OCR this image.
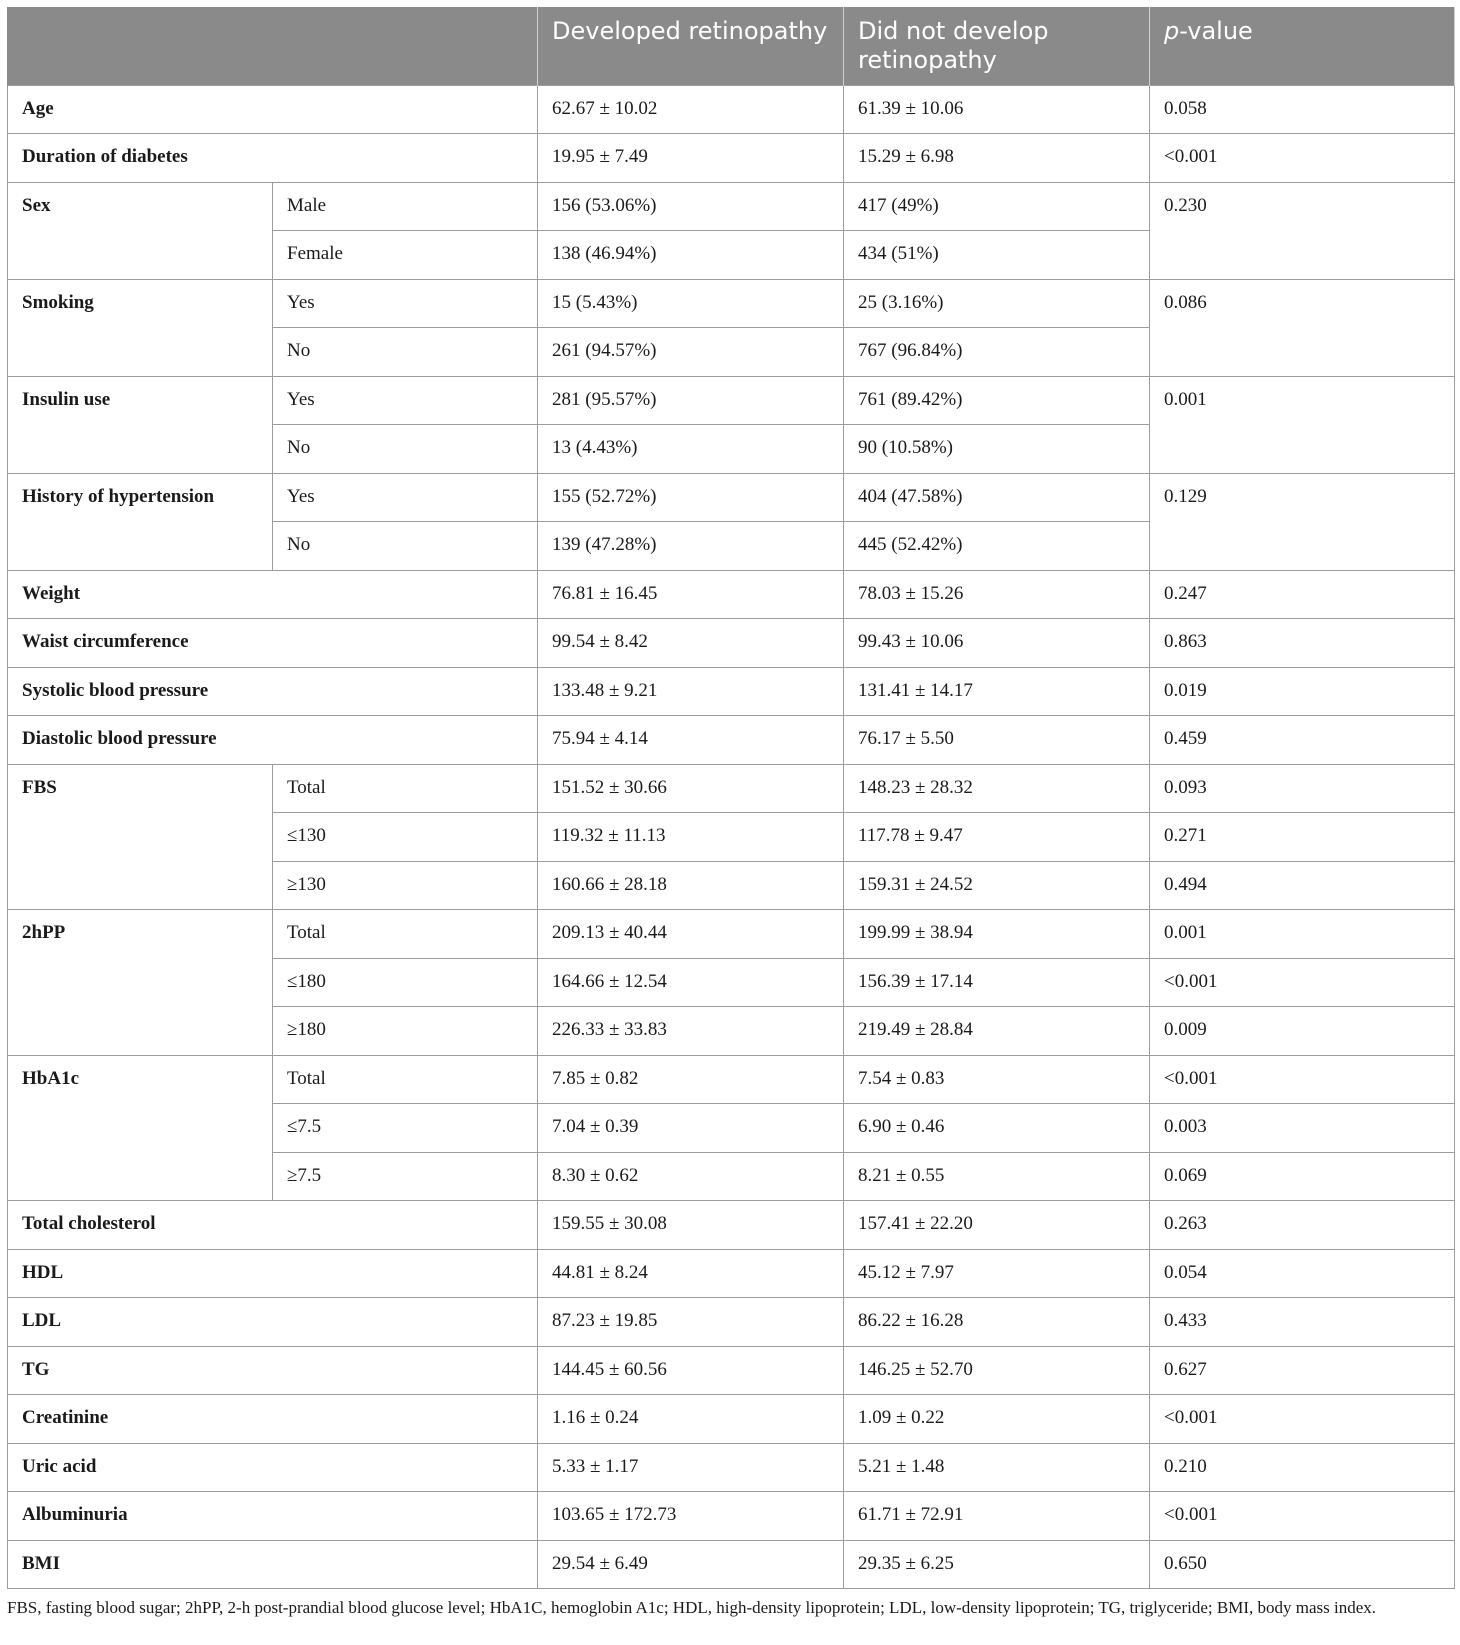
		Developed retinopathy	Did not develop retinopathy	p-value
Age		62.67 ± 10.02	61.39 ± 10.06	0.058
Duration of diabetes		19.95 ± 7.49	15.29 ± 6.98	<0.001
Sex	Male	156 (53.06%)	417 (49%)	0.230
	Female	138 (46.94%)	434 (51%)	
Smoking	Yes	15 (5.43%)	25 (3.16%)	0.086
	No	261 (94.57%)	767 (96.84%)	
Insulin use	Yes	281 (95.57%)	761 (89.42%)	0.001
	No	13 (4.43%)	90 (10.58%)	
History of hypertension	Yes	155 (52.72%)	404 (47.58%)	0.129
	No	139 (47.28%)	445 (52.42%)	
Weight		76.81 ± 16.45	78.03 ± 15.26	0.247
Waist circumference		99.54 ± 8.42	99.43 ± 10.06	0.863
Systolic blood pressure		133.48 ± 9.21	131.41 ± 14.17	0.019
Diastolic blood pressure		75.94 ± 4.14	76.17 ± 5.50	0.459
FBS	Total	151.52 ± 30.66	148.23 ± 28.32	0.093
	≤130	119.32 ± 11.13	117.78 ± 9.47	0.271
	≥130	160.66 ± 28.18	159.31 ± 24.52	0.494
2hPP	Total	209.13 ± 40.44	199.99 ± 38.94	0.001
	≤180	164.66 ± 12.54	156.39 ± 17.14	<0.001
	≥180	226.33 ± 33.83	219.49 ± 28.84	0.009
HbA1c	Total	7.85 ± 0.82	7.54 ± 0.83	<0.001
	≤7.5	7.04 ± 0.39	6.90 ± 0.46	0.003
	≥7.5	8.30 ± 0.62	8.21 ± 0.55	0.069
Total cholesterol		159.55 ± 30.08	157.41 ± 22.20	0.263
HDL		44.81 ± 8.24	45.12 ± 7.97	0.054
LDL		87.23 ± 19.85	86.22 ± 16.28	0.433
TG		144.45 ± 60.56	146.25 ± 52.70	0.627
Creatinine		1.16 ± 0.24	1.09 ± 0.22	<0.001
Uric acid		5.33 ± 1.17	5.21 ± 1.48	0.210
Albuminuria		103.65 ± 172.73	61.71 ± 72.91	<0.001
BMI		29.54 ± 6.49	29.35 ± 6.25	0.650
FBS, fasting blood sugar; 2hPP, 2-h post-prandial blood glucose level; HbA1C, hemoglobin A1c; HDL, high-density lipoprotein; LDL, low-density lipoprotein; TG, triglyceride; BMI, body mass index.
